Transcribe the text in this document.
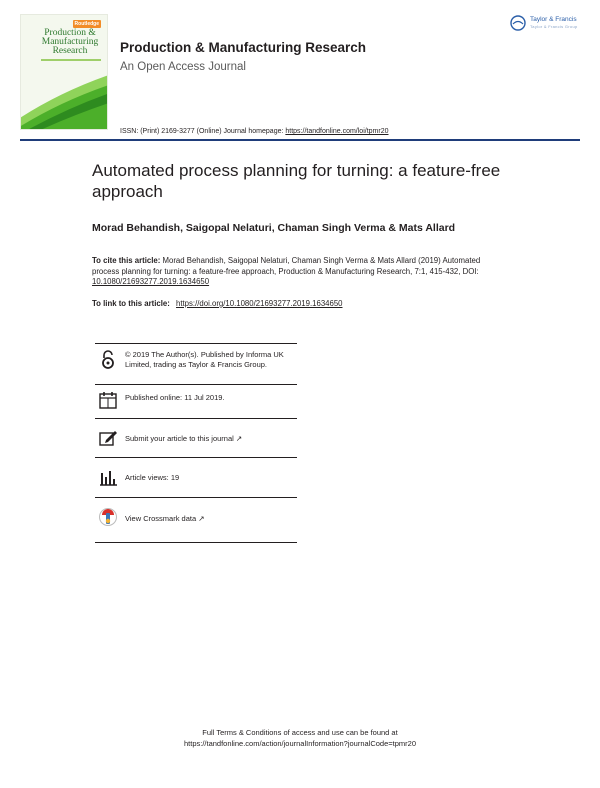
Routledge
Production &
Manufacturing
Research	Production & Manufacturing Research
An Open Access Journal
ISSN: (Print) 2169-3277 (Online) Journal homepage: https://tandfonline.com/loi/tpmr20
Taylor & Francis
Taylor & Francis Group
Automated process planning for turning: a feature-free approach
Morad Behandish, Saigopal Nelaturi, Chaman Singh Verma & Mats Allard
To cite this article: Morad Behandish, Saigopal Nelaturi, Chaman Singh Verma & Mats Allard (2019) Automated process planning for turning: a feature-free approach, Production & Manufacturing Research, 7:1, 415-432, DOI: 10.1080/21693277.2019.1634650
To link to this article: https://doi.org/10.1080/21693277.2019.1634650
© 2019 The Author(s). Published by Informa UK Limited, trading as Taylor & Francis Group.
Published online: 11 Jul 2019.
Submit your article to this journal ↗
Article views: 19
View Crossmark data ↗
Full Terms & Conditions of access and use can be found at
https://tandfonline.com/action/journalInformation?journalCode=tpmr20
